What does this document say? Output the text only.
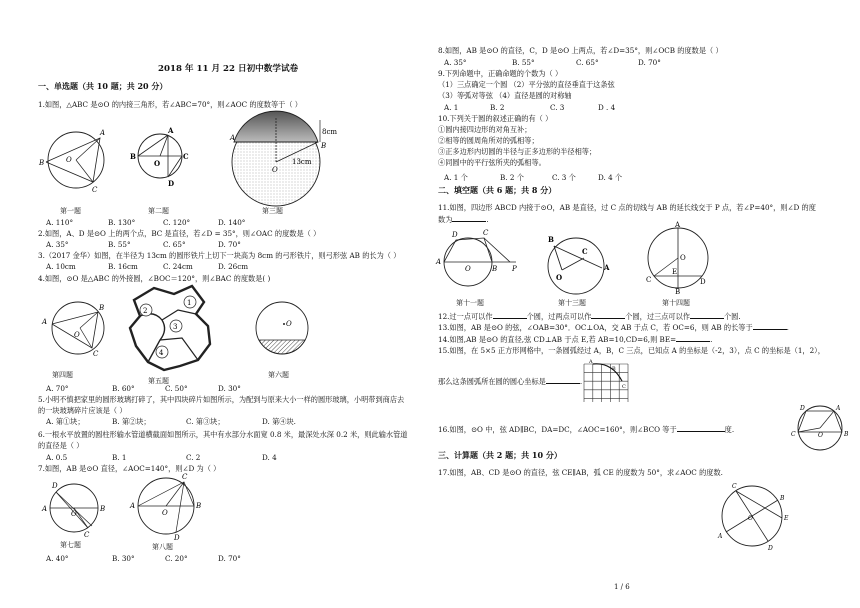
2018 年 11 月 22 日初中数学试卷
一、单选题（共 10 题；共 20 分）
1.如图，△ABC 是⊙O 的内接三角形，若∠ABC=70°，则∠AOC 的度数等于（ ）
A
B
C
O
A
B	C
D
O
A
B
O
8cm
13cm
第一题	第二题	第三题
A. 110°	B. 130°	C. 120°	D. 140°
2.如图，A、D 是⊙O 上的两个点，BC 是直径，若∠D = 35°，则∠OAC 的度数是（ ）
A. 35°	B. 55°	C. 65°	D. 70°
3.（2017 金华）如图，在半径为 13cm 的圆形铁片上切下一块高为 8cm 的弓形铁片，则弓形弦 AB 的长为（ ）
A. 10cm	B. 16cm	C. 24cm	D. 26cm
4.如图，⊙O 是△ABC 的外接圆，∠BOC＝120°，则∠BAC 的度数是( )
A
B
C
O
2
3
1
4
O
第四题
第五题
第六题
A. 70°	B. 60°	C. 50°	D. 30°
5.小明不慎把家里的圆形玻璃打碎了，其中四块碎片如图所示，为配到与原来大小一样的圆形玻璃，小明带到商店去
的一块玻璃碎片应该是（ ）
A. 第①块；	B. 第②块；	C. 第③块；	D. 第④块.
6.一根水平放置的圆柱形输水管道横截面如图所示，其中有水部分水面宽 0.8 米，最深处水深 0.2 米，则此输水管道
的直径是（ ）
A. 0.5	B. 1	C. 2	D. 4
7.如图，AB 是⊙O 直径，∠AOC=140°，则∠D 为（ ）
D
A	B
O
C
C
A	B
O
D
第七题	第八题
A. 40°	B. 30°	C. 20°	D. 70°
8.如图，AB 是⊙O 的直径，C，D 是⊙O 上两点，若∠D=35°，则∠OCB 的度数是（ ）
A. 35°	B. 55°	C. 65°	D. 70°
9.下列命题中，正确命题的个数为（ ）
（1）三点确定一个圆 （2）平分弦的直径垂直于这条弦
（3）等弧对等弦 （4）直径是圆的对称轴
A. 1	B. 2	C. 3	D . 4
10.下列关于圆的叙述正确的有（ ）
①圆内接四边形的对角互补；
②相等的圆周角所对的弧相等；
③正多边形内切圆的半径与正多边形的半径相等；
④同圆中的平行弦所夹的弧相等。
A. 1 个	B. 2 个	C. 3 个	D. 4 个
二、填空题（共 6 题；共 8 分）
11.如图，四边形 ABCD 内接于⊙O，AB 是直径，过 C 点的切线与 AB 的延长线交于 P 点，若∠P=40°，则∠D 的度
数为	.
A
D	C
O	B P
B
C
A
O
A
O
E
C	D
B
第十一题	第十三题	第十四题
12.过一点可以作	个圆，过两点可以作	个圆，过三点可以作	个圆.
13.如图，AB 是⊙O 的弦，∠OAB=30°．OC⊥OA，交 AB 于点 C，若 OC=6，则 AB 的长等于	.
14.如图,AB 是⊙O 的直径,弦 CD⊥AB 于点 E,若 AB=10,CD=6,则 BE=	.
15.如图，在 5×5 正方形网格中，一条圆弧经过 A，B，C 三点，已知点 A 的坐标是（-2，3），点 C 的坐标是（1，2），
那么这条圆弧所在圆的圆心坐标是	.
A
B
C
16.如图，⊙O 中，弦 AD∥BC，DA=DC，∠AOC=160°，则∠BCO 等于	度.
D	A
C	B
O
三、计算题（共 2 题；共 10 分）
17.如图，AB、CD 是⊙O 的直径，弦 CE∥AB，弧 CE 的度数为 50°，求∠AOC 的度数.
C
B
E
O
A
D
1 / 6
